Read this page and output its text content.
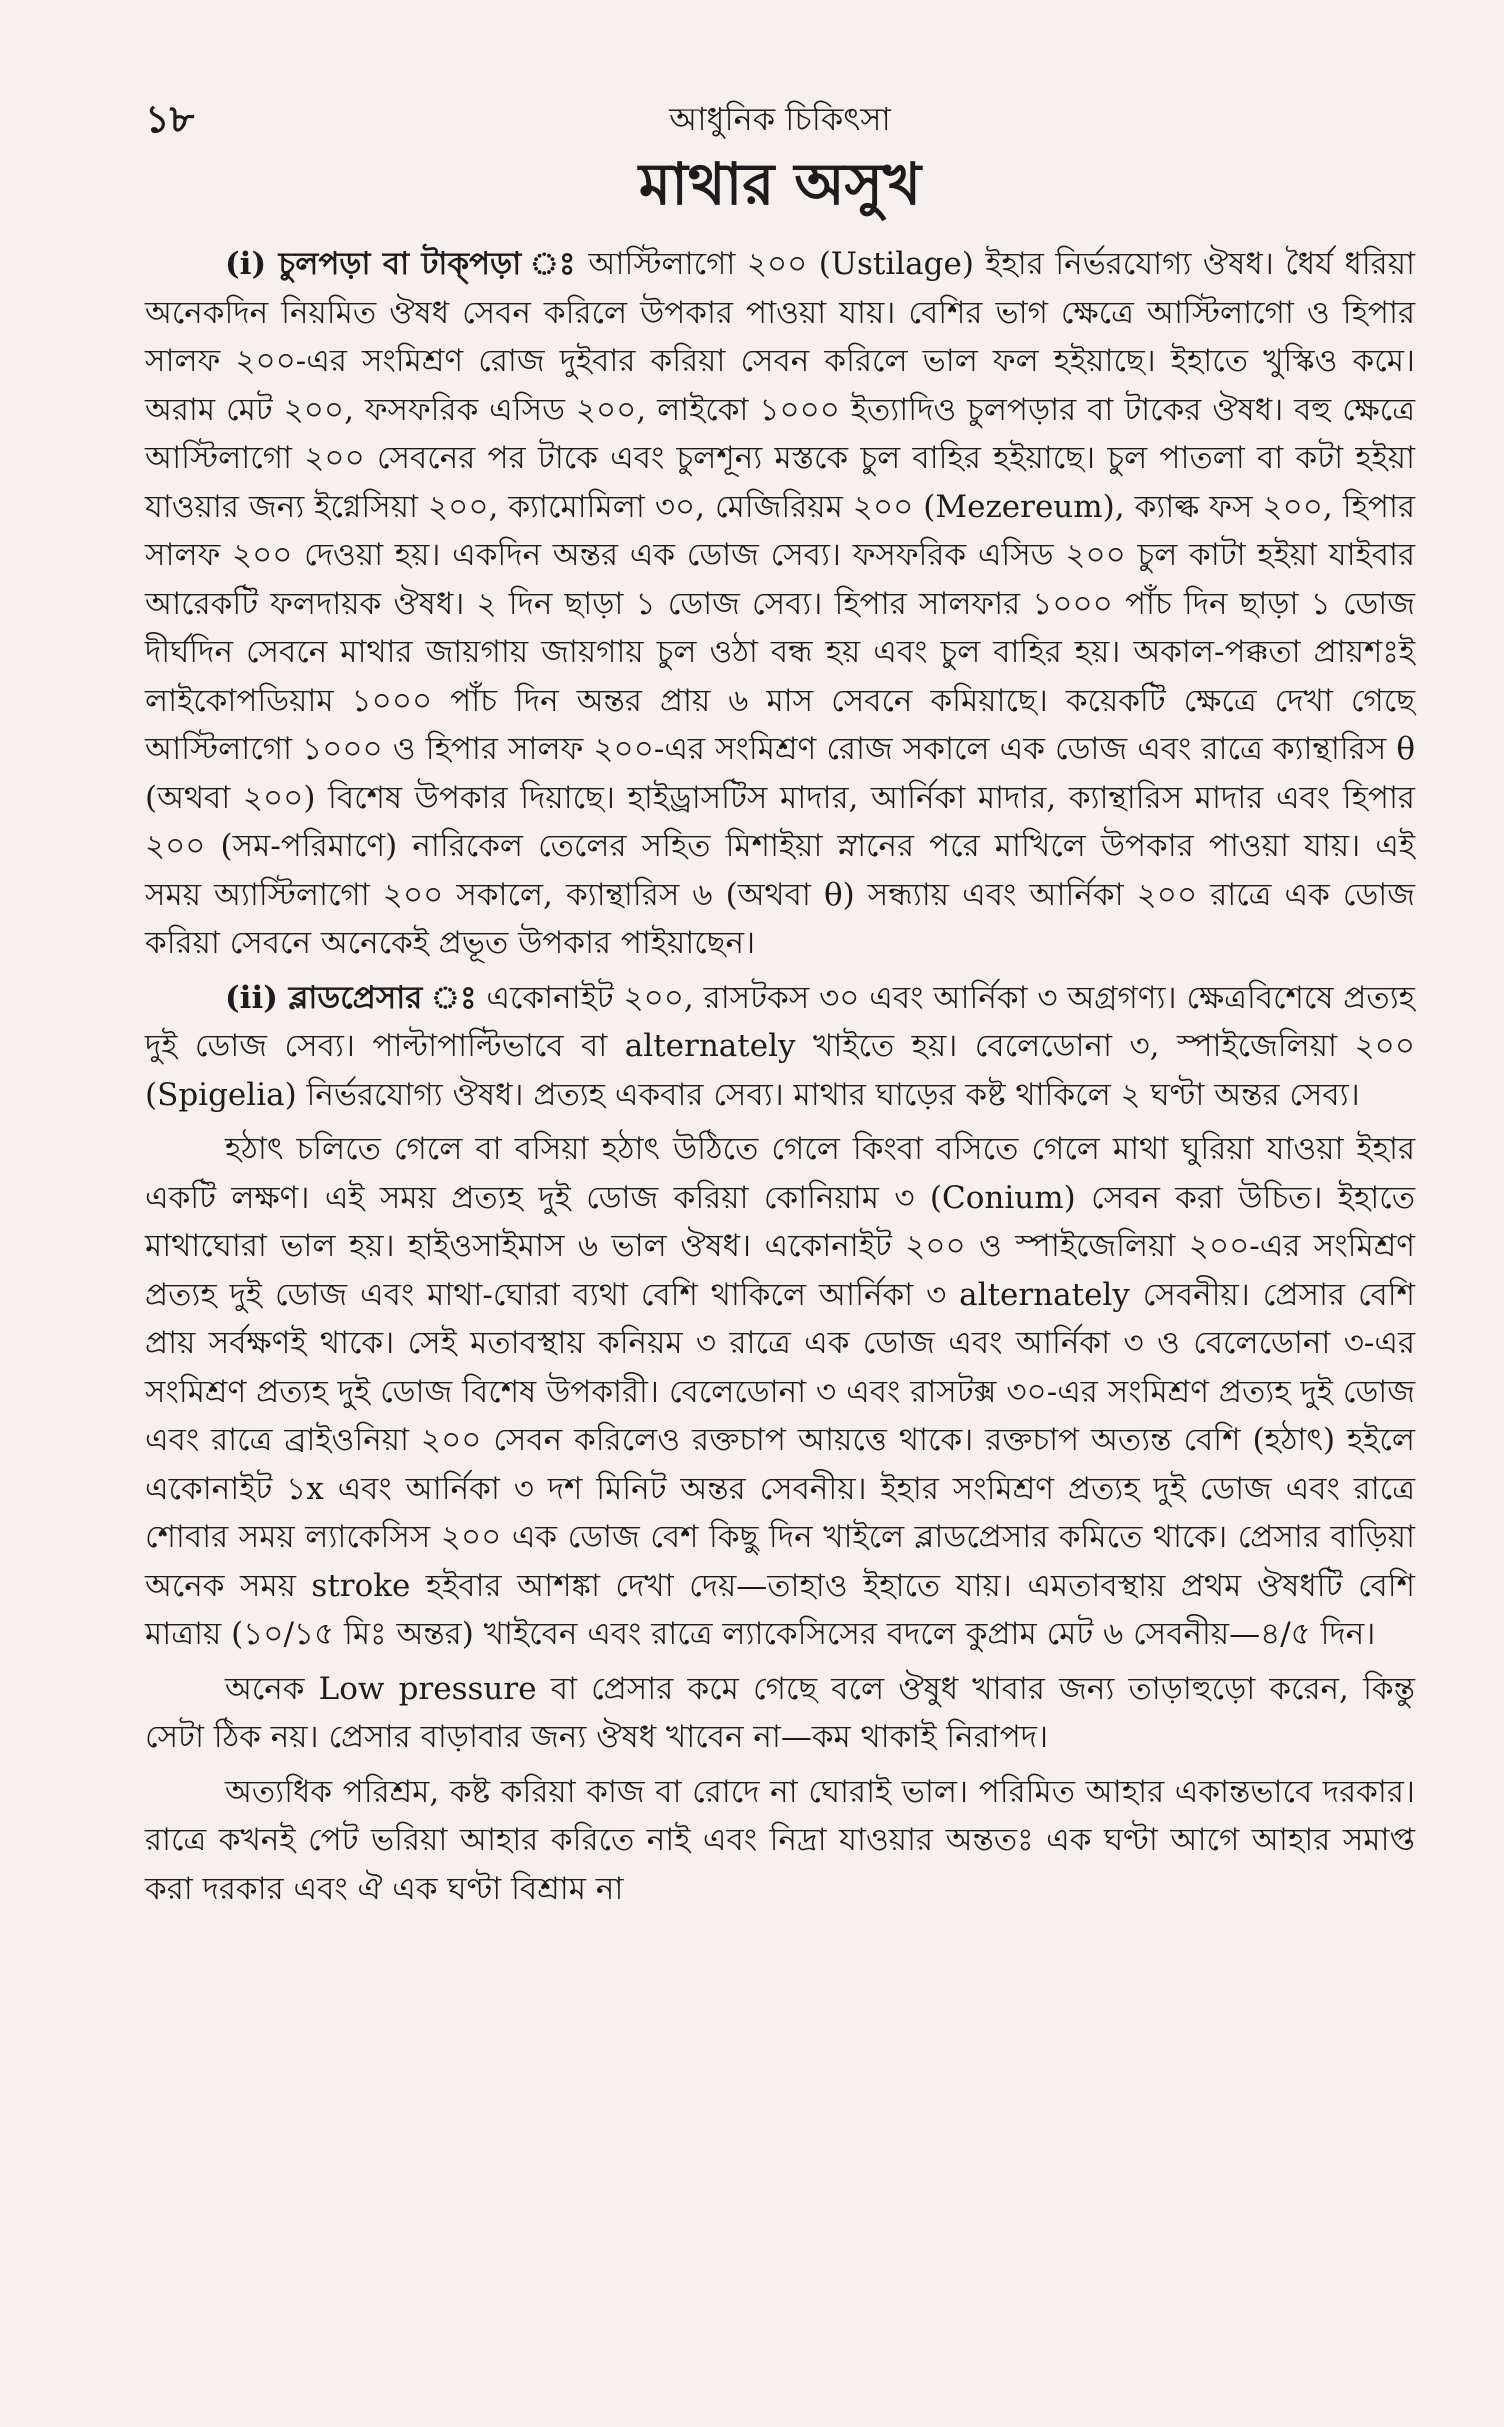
১৮	আধুনিক চিকিৎসা
মাথার অসুখ

(i) চুলপড়া বা টাক্পড়া ঃ আস্টিলাগো ২০০ (Ustilage) ইহার নির্ভরযোগ্য ঔষধ। ধৈর্য ধরিয়া অনেকদিন নিয়মিত ঔষধ সেবন করিলে উপকার পাওয়া যায়। বেশির ভাগ ক্ষেত্রে আস্টিলাগো ও হিপার সালফ ২০০-এর সংমিশ্রণ রোজ দুইবার করিয়া সেবন করিলে ভাল ফল হইয়াছে। ইহাতে খুস্কিও কমে। অরাম মেট ২০০, ফসফরিক এসিড ২০০, লাইকো ১০০০ ইত্যাদিও চুলপড়ার বা টাকের ঔষধ। বহু ক্ষেত্রে আস্টিলাগো ২০০ সেবনের পর টাকে এবং চুলশূন্য মস্তকে চুল বাহির হইয়াছে। চুল পাতলা বা কটা হইয়া যাওয়ার জন্য ইগ্নেসিয়া ২০০, ক্যামোমিলা ৩০, মেজিরিয়ম ২০০ (Mezereum), ক্যাল্ক ফস ২০০, হিপার সালফ ২০০ দেওয়া হয়। একদিন অন্তর এক ডোজ সেব্য। ফসফরিক এসিড ২০০ চুল কাটা হইয়া যাইবার আরেকটি ফলদায়ক ঔষধ। ২ দিন ছাড়া ১ ডোজ সেব্য। হিপার সালফার ১০০০ পাঁচ দিন ছাড়া ১ ডোজ দীর্ঘদিন সেবনে মাথার জায়গায় জায়গায় চুল ওঠা বন্ধ হয় এবং চুল বাহির হয়। অকাল-পক্কতা প্রায়শঃই লাইকোপডিয়াম ১০০০ পাঁচ দিন অন্তর প্রায় ৬ মাস সেবনে কমিয়াছে। কয়েকটি ক্ষেত্রে দেখা গেছে আস্টিলাগো ১০০০ ও হিপার সালফ ২০০-এর সংমিশ্রণ রোজ সকালে এক ডোজ এবং রাত্রে ক্যান্থারিস θ (অথবা ২০০) বিশেষ উপকার দিয়াছে। হাইড্রাসটিস মাদার, আর্নিকা মাদার, ক্যান্থারিস মাদার এবং হিপার ২০০ (সম-পরিমাণে) নারিকেল তেলের সহিত মিশাইয়া স্নানের পরে মাখিলে উপকার পাওয়া যায়। এই সময় অ্যাস্টিলাগো ২০০ সকালে, ক্যান্থারিস ৬ (অথবা θ) সন্ধ্যায় এবং আর্নিকা ২০০ রাত্রে এক ডোজ করিয়া সেবনে অনেকেই প্রভূত উপকার পাইয়াছেন।

(ii) ব্লাডপ্রেসার ঃ একোনাইট ২০০, রাসটকস ৩০ এবং আর্নিকা ৩ অগ্রগণ্য। ক্ষেত্রবিশেষে প্রত্যহ দুই ডোজ সেব্য। পাল্টাপাল্টিভাবে বা alternately খাইতে হয়। বেলেডোনা ৩, স্পাইজেলিয়া ২০০ (Spigelia) নির্ভরযোগ্য ঔষধ। প্রত্যহ একবার সেব্য। মাথার ঘাড়ের কষ্ট থাকিলে ২ ঘণ্টা অন্তর সেব্য।

হঠাৎ চলিতে গেলে বা বসিয়া হঠাৎ উঠিতে গেলে কিংবা বসিতে গেলে মাথা ঘুরিয়া যাওয়া ইহার একটি লক্ষণ। এই সময় প্রত্যহ দুই ডোজ করিয়া কোনিয়াম ৩ (Conium) সেবন করা উচিত। ইহাতে মাথাঘোরা ভাল হয়। হাইওসাইমাস ৬ ভাল ঔষধ। একোনাইট ২০০ ও স্পাইজেলিয়া ২০০-এর সংমিশ্রণ প্রত্যহ দুই ডোজ এবং মাথা-ঘোরা ব্যথা বেশি থাকিলে আর্নিকা ৩ alternately সেবনীয়। প্রেসার বেশি প্রায় সর্বক্ষণই থাকে। সেই মতাবস্থায় কনিয়ম ৩ রাত্রে এক ডোজ এবং আর্নিকা ৩ ও বেলেডোনা ৩-এর সংমিশ্রণ প্রত্যহ দুই ডোজ বিশেষ উপকারী। বেলেডোনা ৩ এবং রাসটক্স ৩০-এর সংমিশ্রণ প্রত্যহ দুই ডোজ এবং রাত্রে ব্রাইওনিয়া ২০০ সেবন করিলেও রক্তচাপ আয়ত্তে থাকে। রক্তচাপ অত্যন্ত বেশি (হঠাৎ) হইলে একোনাইট ১x এবং আর্নিকা ৩ দশ মিনিট অন্তর সেবনীয়। ইহার সংমিশ্রণ প্রত্যহ দুই ডোজ এবং রাত্রে শোবার সময় ল্যাকেসিস ২০০ এক ডোজ বেশ কিছু দিন খাইলে ব্লাডপ্রেসার কমিতে থাকে। প্রেসার বাড়িয়া অনেক সময় stroke হইবার আশঙ্কা দেখা দেয়—তাহাও ইহাতে যায়। এমতাবস্থায় প্রথম ঔষধটি বেশি মাত্রায় (১০/১৫ মিঃ অন্তর) খাইবেন এবং রাত্রে ল্যাকেসিসের বদলে কুপ্রাম মেট ৬ সেবনীয়—৪/৫ দিন।

অনেক Low pressure বা প্রেসার কমে গেছে বলে ঔষুধ খাবার জন্য তাড়াহুড়ো করেন, কিন্তু সেটা ঠিক নয়। প্রেসার বাড়াবার জন্য ঔষধ খাবেন না—কম থাকাই নিরাপদ।

অত্যধিক পরিশ্রম, কষ্ট করিয়া কাজ বা রোদে না ঘোরাই ভাল। পরিমিত আহার একান্তভাবে দরকার। রাত্রে কখনই পেট ভরিয়া আহার করিতে নাই এবং নিদ্রা যাওয়ার অন্ততঃ এক ঘণ্টা আগে আহার সমাপ্ত করা দরকার এবং ঐ এক ঘণ্টা বিশ্রাম না
